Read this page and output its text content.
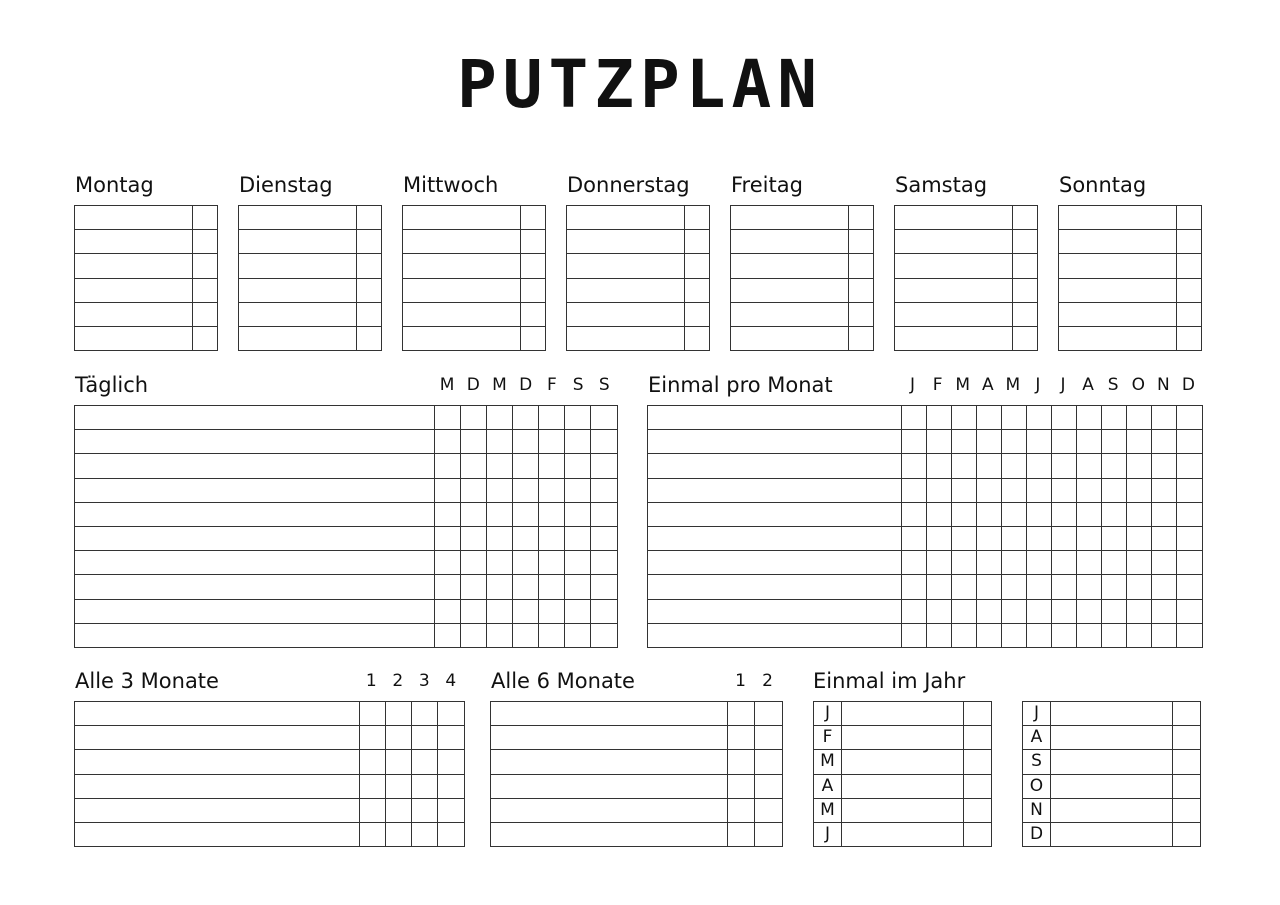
PUTZPLAN
Montag

		Dienstag

		Mittwoch

		Donnerstag

	Freitag

		Samstag

		Sonntag

Täglich	M D M D F S S

								Einmal pro Monat	J	F M A M J	J A S O N D

Alle 3 Monate	1 2 3 4

					Alle 6 Monate	1 2

			Einmal im Jahr
J		
F		
M		
A		
M		
J		
J		
A		
S		
O		
N		
D		
